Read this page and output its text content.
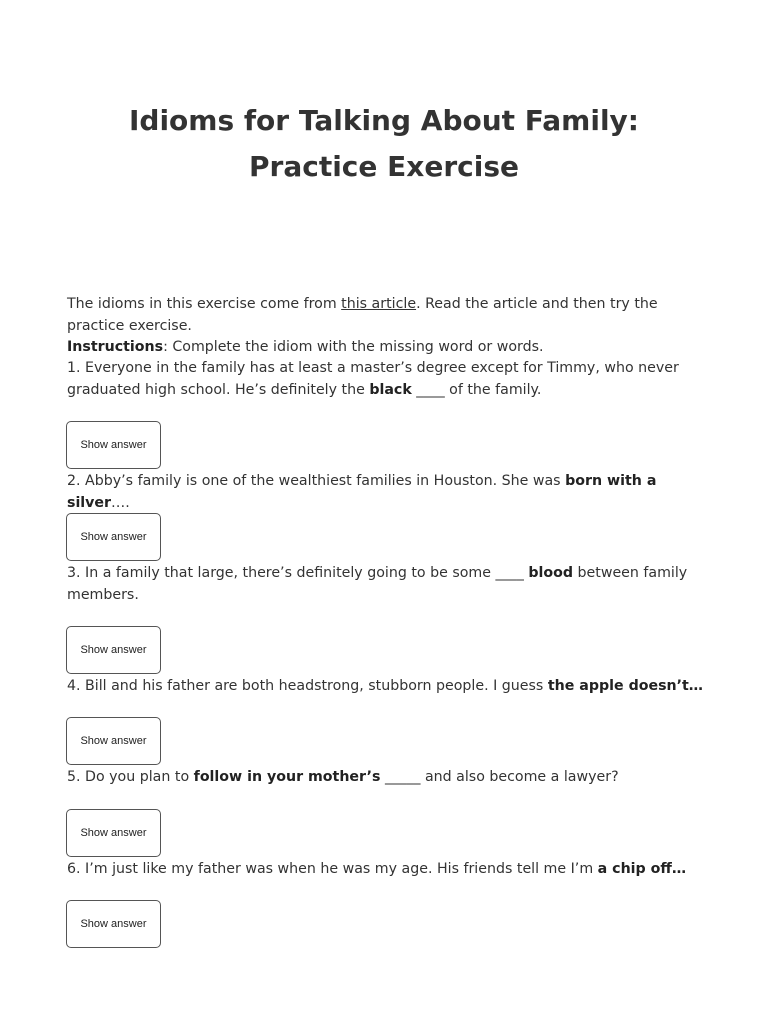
Idioms for Talking About Family: Practice Exercise

The idioms in this exercise come from this article. Read the article and then try the practice exercise.

Instructions: Complete the idiom with the missing word or words.

1. Everyone in the family has at least a master’s degree except for Timmy, who never graduated high school. He’s definitely the black ____ of the family.

Show answer

2. Abby’s family is one of the wealthiest families in Houston. She was born with a silver….

Show answer

3. In a family that large, there’s definitely going to be some ____ blood between family members.

Show answer

4. Bill and his father are both headstrong, stubborn people. I guess the apple doesn’t…

Show answer

5. Do you plan to follow in your mother’s _____ and also become a lawyer?

Show answer

6. I’m just like my father was when he was my age. His friends tell me I’m a chip off…

Show answer
